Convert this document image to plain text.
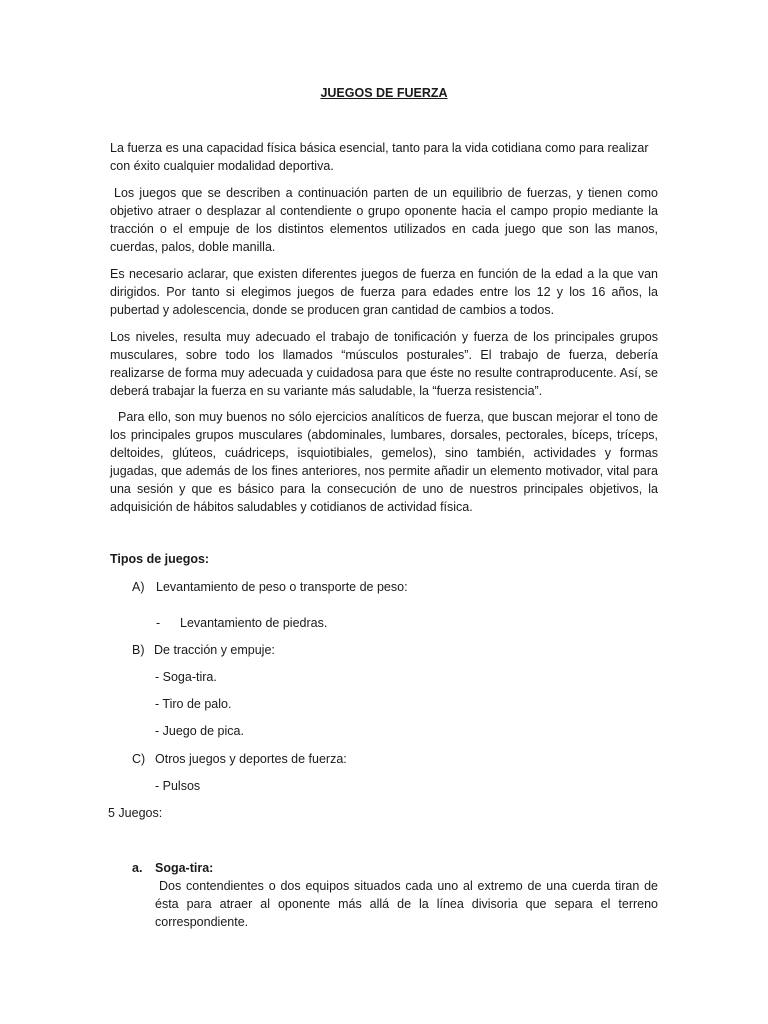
JUEGOS DE FUERZA

La fuerza es una capacidad física básica esencial, tanto para la vida cotidiana como para realizar con éxito cualquier modalidad deportiva.

Los juegos que se describen a continuación parten de un equilibrio de fuerzas, y tienen como objetivo atraer o desplazar al contendiente o grupo oponente hacia el campo propio mediante la tracción o el empuje de los distintos elementos utilizados en cada juego que son las manos, cuerdas, palos, doble manilla.

Es necesario aclarar, que existen diferentes juegos de fuerza en función de la edad a la que van dirigidos. Por tanto si elegimos juegos de fuerza para edades entre los 12 y los 16 años, la pubertad y adolescencia, donde se producen gran cantidad de cambios a todos.

Los niveles, resulta muy adecuado el trabajo de tonificación y fuerza de los principales grupos musculares, sobre todo los llamados “músculos posturales”. El trabajo de fuerza, debería realizarse de forma muy adecuada y cuidadosa para que éste no resulte contraproducente. Así, se deberá trabajar la fuerza en su variante más saludable, la “fuerza resistencia”.

Para ello, son muy buenos no sólo ejercicios analíticos de fuerza, que buscan mejorar el tono de los principales grupos musculares (abdominales, lumbares, dorsales, pectorales, bíceps, tríceps, deltoides, glúteos, cuádriceps, isquiotibiales, gemelos), sino también, actividades y formas jugadas, que además de los fines anteriores, nos permite añadir un elemento motivador, vital para una sesión y que es básico para la consecución de uno de nuestros principales objetivos, la adquisición de hábitos saludables y cotidianos de actividad física.

Tipos de juegos:
A) Levantamiento de peso o transporte de peso:
- Levantamiento de piedras.
B) De tracción y empuje:
- Soga-tira.
- Tiro de palo.
- Juego de pica.
C) Otros juegos y deportes de fuerza:
- Pulsos
5 Juegos:
a. Soga-tira:

Dos contendientes o dos equipos situados cada uno al extremo de una cuerda tiran de ésta para atraer al oponente más allá de la línea divisoria que separa el terreno correspondiente.
